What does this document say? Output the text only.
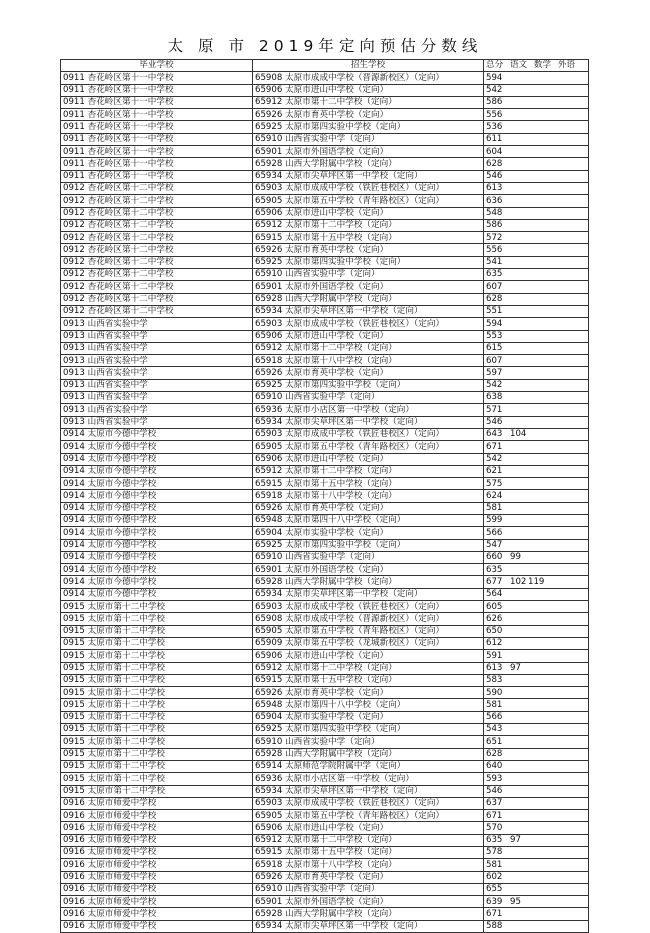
太 原 市 2019年定向预估分数线
毕业学校	招生学校	总分 语文 数学 外语
0911 杏花岭区第十一中学校	65908 太原市成成中学校（晋源新校区）（定向）	594
0911 杏花岭区第十一中学校	65906 太原市进山中学校（定向）	542
0911 杏花岭区第十一中学校	65912 太原市第十二中学校（定向）	586
0911 杏花岭区第十一中学校	65926 太原市育英中学校（定向）	556
0911 杏花岭区第十一中学校	65925 太原市第四实验中学校（定向）	536
0911 杏花岭区第十一中学校	65910 山西省实验中学（定向）	611
0911 杏花岭区第十一中学校	65901 太原市外国语学校（定向）	604
0911 杏花岭区第十一中学校	65928 山西大学附属中学校（定向）	628
0911 杏花岭区第十一中学校	65934 太原市尖草坪区第一中学校（定向）	546
0912 杏花岭区第十二中学校	65903 太原市成成中学校（铁匠巷校区）（定向）	613
0912 杏花岭区第十二中学校	65905 太原市第五中学校（青年路校区）（定向）	636
0912 杏花岭区第十二中学校	65906 太原市进山中学校（定向）	548
0912 杏花岭区第十二中学校	65912 太原市第十二中学校（定向）	586
0912 杏花岭区第十二中学校	65915 太原市第十五中学校（定向）	572
0912 杏花岭区第十二中学校	65926 太原市育英中学校（定向）	556
0912 杏花岭区第十二中学校	65925 太原市第四实验中学校（定向）	541
0912 杏花岭区第十二中学校	65910 山西省实验中学（定向）	635
0912 杏花岭区第十二中学校	65901 太原市外国语学校（定向）	607
0912 杏花岭区第十二中学校	65928 山西大学附属中学校（定向）	628
0912 杏花岭区第十二中学校	65934 太原市尖草坪区第一中学校（定向）	551
0913 山西省实验中学	65903 太原市成成中学校（铁匠巷校区）（定向）	594
0913 山西省实验中学	65906 太原市进山中学校（定向）	553
0913 山西省实验中学	65912 太原市第十二中学校（定向）	615
0913 山西省实验中学	65918 太原市第十八中学校（定向）	607
0913 山西省实验中学	65926 太原市育英中学校（定向）	597
0913 山西省实验中学	65925 太原市第四实验中学校（定向）	542
0913 山西省实验中学	65910 山西省实验中学（定向）	638
0913 山西省实验中学	65936 太原市小店区第一中学校（定向）	571
0913 山西省实验中学	65934 太原市尖草坪区第一中学校（定向）	546
0914 太原市今德中学校	65903 太原市成成中学校（铁匠巷校区）（定向）	643 104
0914 太原市今德中学校	65905 太原市第五中学校（青年路校区）（定向）	671
0914 太原市今德中学校	65906 太原市进山中学校（定向）	542
0914 太原市今德中学校	65912 太原市第十二中学校（定向）	621
0914 太原市今德中学校	65915 太原市第十五中学校（定向）	575
0914 太原市今德中学校	65918 太原市第十八中学校（定向）	624
0914 太原市今德中学校	65926 太原市育英中学校（定向）	581
0914 太原市今德中学校	65948 太原市第四十八中学校（定向）	599
0914 太原市今德中学校	65904 太原市实验中学校（定向）	566
0914 太原市今德中学校	65925 太原市第四实验中学校（定向）	547
0914 太原市今德中学校	65910 山西省实验中学（定向）	660 99
0914 太原市今德中学校	65901 太原市外国语学校（定向）	635
0914 太原市今德中学校	65928 山西大学附属中学校（定向）	677 102 119
0914 太原市今德中学校	65934 太原市尖草坪区第一中学校（定向）	564
0915 太原市第十二中学校	65903 太原市成成中学校（铁匠巷校区）（定向）	605
0915 太原市第十二中学校	65908 太原市成成中学校（晋源新校区）（定向）	626
0915 太原市第十二中学校	65905 太原市第五中学校（青年路校区）（定向）	650
0915 太原市第十二中学校	65909 太原市第五中学校（龙城新校区）（定向）	612
0915 太原市第十二中学校	65906 太原市进山中学校（定向）	591
0915 太原市第十二中学校	65912 太原市第十二中学校（定向）	613 97
0915 太原市第十二中学校	65915 太原市第十五中学校（定向）	583
0915 太原市第十二中学校	65926 太原市育英中学校（定向）	590
0915 太原市第十二中学校	65948 太原市第四十八中学校（定向）	581
0915 太原市第十二中学校	65904 太原市实验中学校（定向）	566
0915 太原市第十二中学校	65925 太原市第四实验中学校（定向）	543
0915 太原市第十二中学校	65910 山西省实验中学（定向）	651
0915 太原市第十二中学校	65928 山西大学附属中学校（定向）	628
0915 太原市第十二中学校	65914 太原师范学院附属中学（定向）	640
0915 太原市第十二中学校	65936 太原市小店区第一中学校（定向）	593
0915 太原市第十二中学校	65934 太原市尖草坪区第一中学校（定向）	546
0916 太原市师爱中学校	65903 太原市成成中学校（铁匠巷校区）（定向）	637
0916 太原市师爱中学校	65905 太原市第五中学校（青年路校区）（定向）	671
0916 太原市师爱中学校	65906 太原市进山中学校（定向）	570
0916 太原市师爱中学校	65912 太原市第十二中学校（定向）	635 97
0916 太原市师爱中学校	65915 太原市第十五中学校（定向）	578
0916 太原市师爱中学校	65918 太原市第十八中学校（定向）	581
0916 太原市师爱中学校	65926 太原市育英中学校（定向）	602
0916 太原市师爱中学校	65910 山西省实验中学（定向）	655
0916 太原市师爱中学校	65901 太原市外国语学校（定向）	639 95
0916 太原市师爱中学校	65928 山西大学附属中学校（定向）	671
0916 太原市师爱中学校	65934 太原市尖草坪区第一中学校（定向）	588
